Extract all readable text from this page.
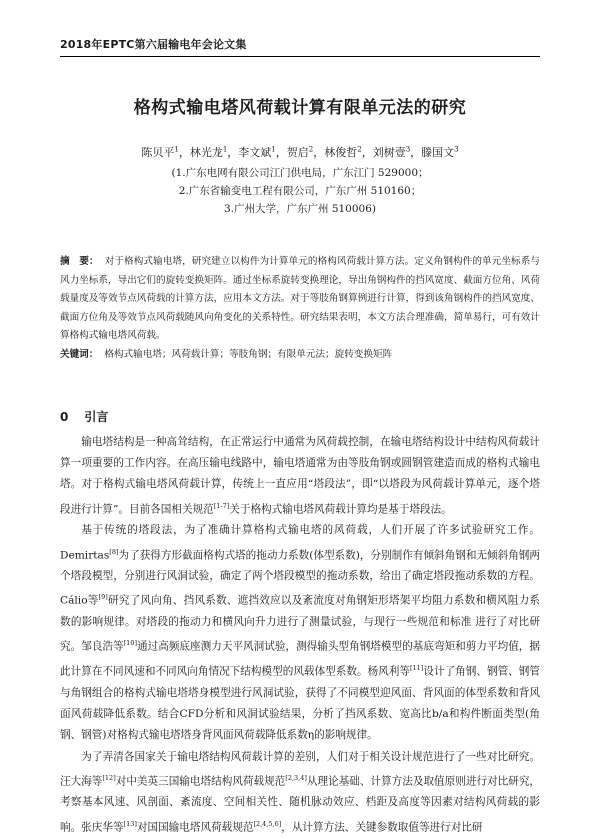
2018年EPTC第六届输电年会论文集
格构式输电塔风荷载计算有限单元法的研究
陈贝平$^1$，林光龙$^1$，李文斌$^1$，贺启$^2$，林俊哲$^2$，刘树壹$^3$，滕国文$^3$
(1.广东电网有限公司江门供电局，广东江门 529000；
2.广东省输变电工程有限公司，广东广州 510160；
3.广州大学，广东广州 510006)
摘　要： 对于格构式输电塔，研究建立以构件为计算单元的格构风荷载计算方法。定义角钢构件的单元坐标系与风力坐标系，导出它们的旋转变换矩阵。通过坐标系旋转变换理论，导出角钢构件的挡风宽度、截面方位角、风荷载量度及等效节点风荷载的计算方法，应用本文方法。对于等肢角钢算例进行计算，得到该角钢构件的挡风宽度、截面方位角及等效节点风荷载随风向角变化的关系特性。研究结果表明，本文方法合理准确，简单易行，可有效计算格构式输电塔风荷载。
关键词： 格构式输电塔；风荷载计算；等肢角钢；有限单元法；旋转变换矩阵
0 引言

输电塔结构是一种高耸结构，在正常运行中通常为风荷载控制，在输电塔结构设计中结构风荷载计算一项重要的工作内容。在高压输电线路中，输电塔通常为由等肢角钢或圆钢管建造而成的格构式输电塔。对于格构式输电塔风荷载计算，传统上一直应用“塔段法”，即“以塔段为风荷载计算单元，逐个塔段进行计算”。目前各国相关规范[1-7]关于格构式输电塔风荷载计算均是基于塔段法。

基于传统的塔段法，为了准确计算格构式输电塔的风荷载，人们开展了许多试验研究工作。Demirtas[8]为了获得方形截面格构式塔的拖动力系数(体型系数)，分别制作有倾斜角钢和无倾斜角钢两个塔段模型，分别进行风洞试验，确定了两个塔段模型的拖动系数，给出了确定塔段拖动系数的方程。Cálio等[9]研究了风向角、挡风系数、遮挡效应以及紊流度对角钢矩形塔架平均阻力系数和横风阻力系数的影响规律。对塔段的拖动力和横风向升力进行了测量试验，与现行一些规范和标准 进行了对比研究。邹良浩等[10]通过高频底座测力天平风洞试验，测得输头型角钢塔模型的基底弯矩和剪力平均值，据此计算在不同风速和不同风向角情况下结构模型的风载体型系数。杨风利等[11]设计了角钢、钢管、钢管与角钢组合的格构式输电塔塔身模型进行风洞试验，获得了不同模型迎风面、背风面的体型系数和背风面风荷载降低系数。结合CFD分析和风洞试验结果，分析了挡风系数、宽高比b/a和构件断面类型(角钢、钢管)对格构式输电塔塔身背风面风荷载降低系数η的影响规律。

为了弄清各国家关于输电塔结构风荷载计算的差别，人们对于相关设计规范进行了一些对比研究。汪大海等[12]对中美英三国输电塔结构风荷载规范[2,3,4]从理论基础、计算方法及取值原则进行对比研究，考察基本风速、风剖面、紊流度、空间相关性、随机脉动效应、档距及高度等因素对结构风荷载的影响。张庆华等[13]对国国输电塔风荷载规范[2,4,5,6]，从计算方法、关键参数取值等进行对比研
